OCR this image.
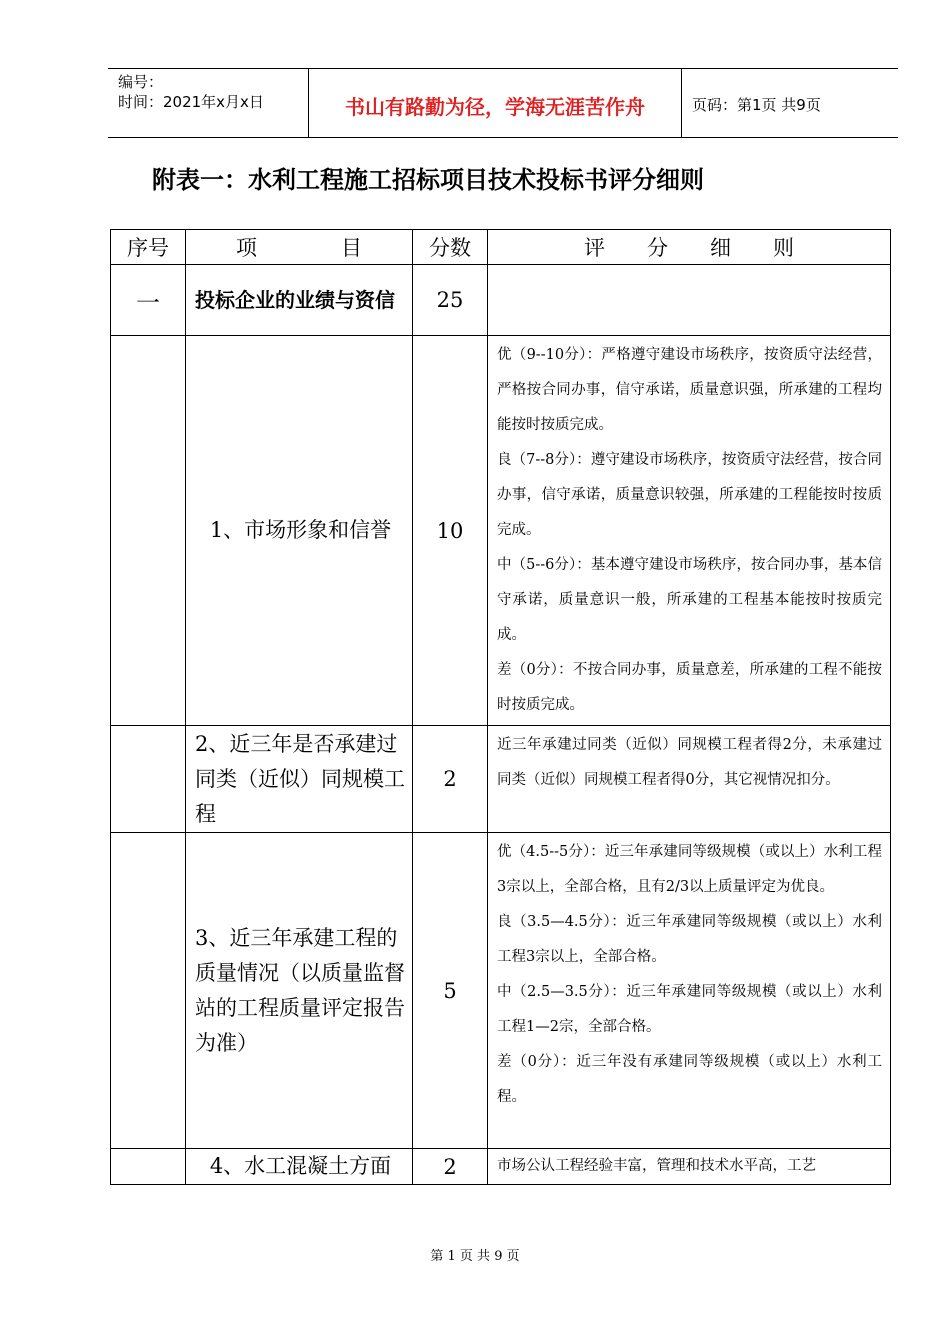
编号：
时间：2021年x月x日	书山有路勤为径，学海无涯苦作舟	页码：第1页 共9页
附表一：水利工程施工招标项目技术投标书评分细则
序号	项　　　　目	分数	评　　分　　细　　则
一	投标企业的业绩与资信	25	
	1、市场形象和信誉	10	优（9--10分）：严格遵守建设市场秩序，按资质守法经营，严格按合同办事，信守承诺，质量意识强，所承建的工程均能按时按质完成。

良（7--8分）：遵守建设市场秩序，按资质守法经营，按合同办事，信守承诺，质量意识较强，所承建的工程能按时按质完成。

中（5--6分）：基本遵守建设市场秩序，按合同办事，基本信守承诺，质量意识一般，所承建的工程基本能按时按质完成。

差（0分）：不按合同办事，质量意差，所承建的工程不能按时按质完成。

	2、近三年是否承建过同类（近似）同规模工程	2	近三年承建过同类（近似）同规模工程者得2分，未承建过同类（近似）同规模工程者得0分，其它视情况扣分。

	3、近三年承建工程的质量情况（以质量监督站的工程质量评定报告为准）	5	优（4.5--5分）：近三年承建同等级规模（或以上）水利工程3宗以上，全部合格，且有2/3以上质量评定为优良。

良（3.5—4.5分）：近三年承建同等级规模（或以上）水利工程3宗以上，全部合格。

中（2.5—3.5分）：近三年承建同等级规模（或以上）水利工程1—2宗，全部合格。

差（0分）：近三年没有承建同等级规模（或以上）水利工程。

	4、水工混凝土方面	2	市场公认工程经验丰富，管理和技术水平高，工艺

第 1 页 共 9 页
